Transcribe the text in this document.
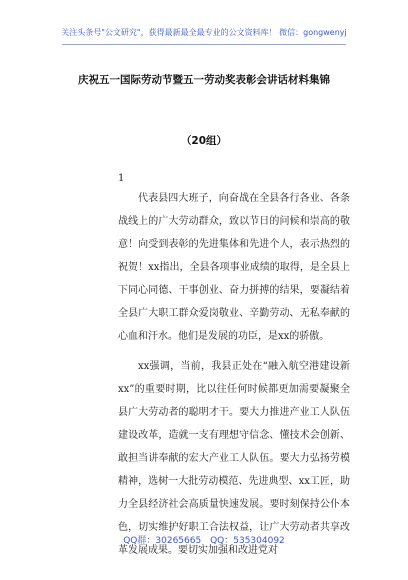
关注头条号"公文研究"，获得最新最全最专业的公文资料库！ 微信：gongwenyj
庆祝五一国际劳动节暨五一劳动奖表彰会讲话材料集锦
（20组）
1

代表县四大班子，向奋战在全县各行各业、各条战线上的广大劳动群众，致以节日的问候和崇高的敬意！向受到表彰的先进集体和先进个人，表示热烈的祝贺！xx指出，全县各项事业成绩的取得，是全县上下同心同德、干事创业、奋力拼搏的结果，要凝结着全县广大职工群众爱岗敬业、辛勤劳动、无私奉献的心血和汗水。他们是发展的功臣，是xx的骄傲。

xx强调，当前，我县正处在“融入航空港建设新xx”的重要时期，比以往任何时候都更加需要凝聚全县广大劳动者的聪明才干。要大力推进产业工人队伍建设改革，造就一支有理想守信念、懂技术会创新、敢担当讲奉献的宏大产业工人队伍。要大力弘扬劳模精神，选树一大批劳动模范、先进典型、xx工匠，助力全县经济社会高质量快速发展。要时刻保持公仆本色，切实维护好职工合法权益，让广大劳动者共享改革发展成果。要切实加强和改进党对

QQ群：30265665 QQ：535304092
